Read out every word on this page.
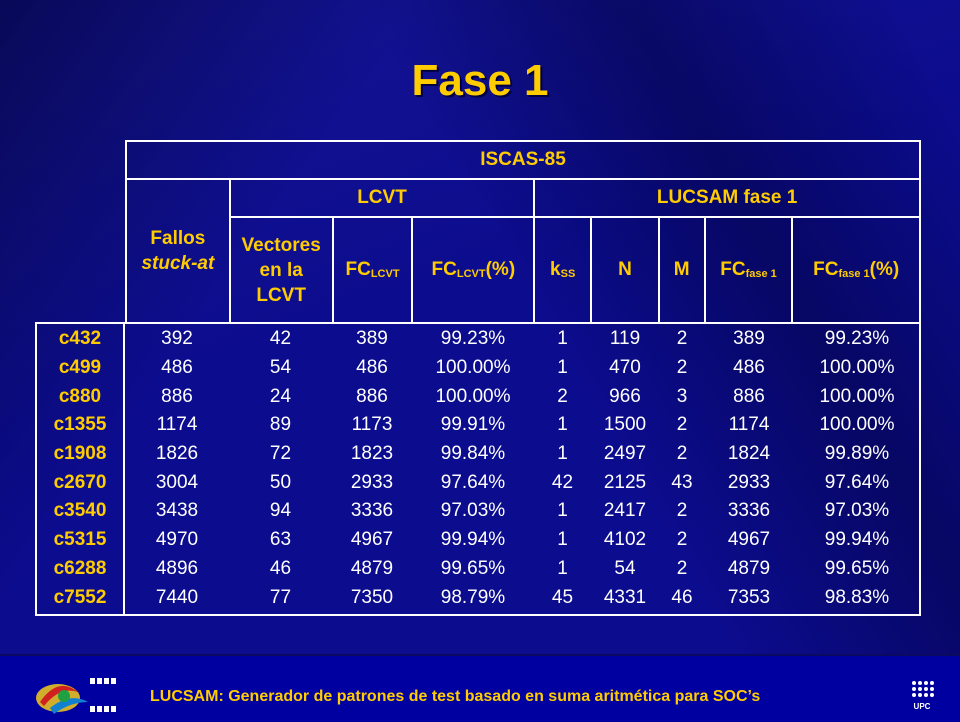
Fase 1
ISCAS-85								
Fallos
stuck-at	LCVT			LUCSAM fase 1				
	Vectores
en la
LCVT	$FC_{LCVT}$	$FC_{LCVT}(\%)$	$k_{SS}$	N	M	$FC_{fase 1}$	$FC_{fase 1}(\%)$

c432	392	42	389	99.23%	1	119	2	389	99.23%
c499	486	54	486	100.00%	1	470	2	486	100.00%
c880	886	24	886	100.00%	2	966	3	886	100.00%
c1355	1174	89	1173	99.91%	1	1500	2	1174	100.00%
c1908	1826	72	1823	99.84%	1	2497	2	1824	99.89%
c2670	3004	50	2933	97.64%	42	2125	43	2933	97.64%
c3540	3438	94	3336	97.03%	1	2417	2	3336	97.03%
c5315	4970	63	4967	99.94%	1	4102	2	4967	99.94%
c6288	4896	46	4879	99.65%	1	54	2	4879	99.65%
c7552	7440	77	7350	98.79%	45	4331	46	7353	98.83%
LUCSAM: Generador de patrones de test basado en suma aritmética para SOC’s
UPC
